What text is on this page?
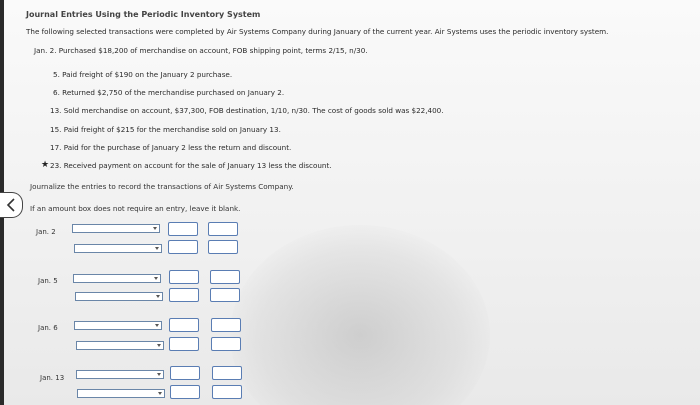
Journal Entries Using the Periodic Inventory System
The following selected transactions were completed by Air Systems Company during January of the current year. Air Systems uses the periodic inventory system.
Jan. 2. Purchased $18,200 of merchandise on account, FOB shipping point, terms 2/15, n/30.
5. Paid freight of $190 on the January 2 purchase.
6. Returned $2,750 of the merchandise purchased on January 2.
13. Sold merchandise on account, $37,300, FOB destination, 1/10, n/30. The cost of goods sold was $22,400.
15. Paid freight of $215 for the merchandise sold on January 13.
17. Paid for the purchase of January 2 less the return and discount.
★ 23. Received payment on account for the sale of January 13 less the discount.
Journalize the entries to record the transactions of Air Systems Company.
If an amount box does not require an entry, leave it blank.
Jan. 2
Jan. 5
Jan. 6
Jan. 13
